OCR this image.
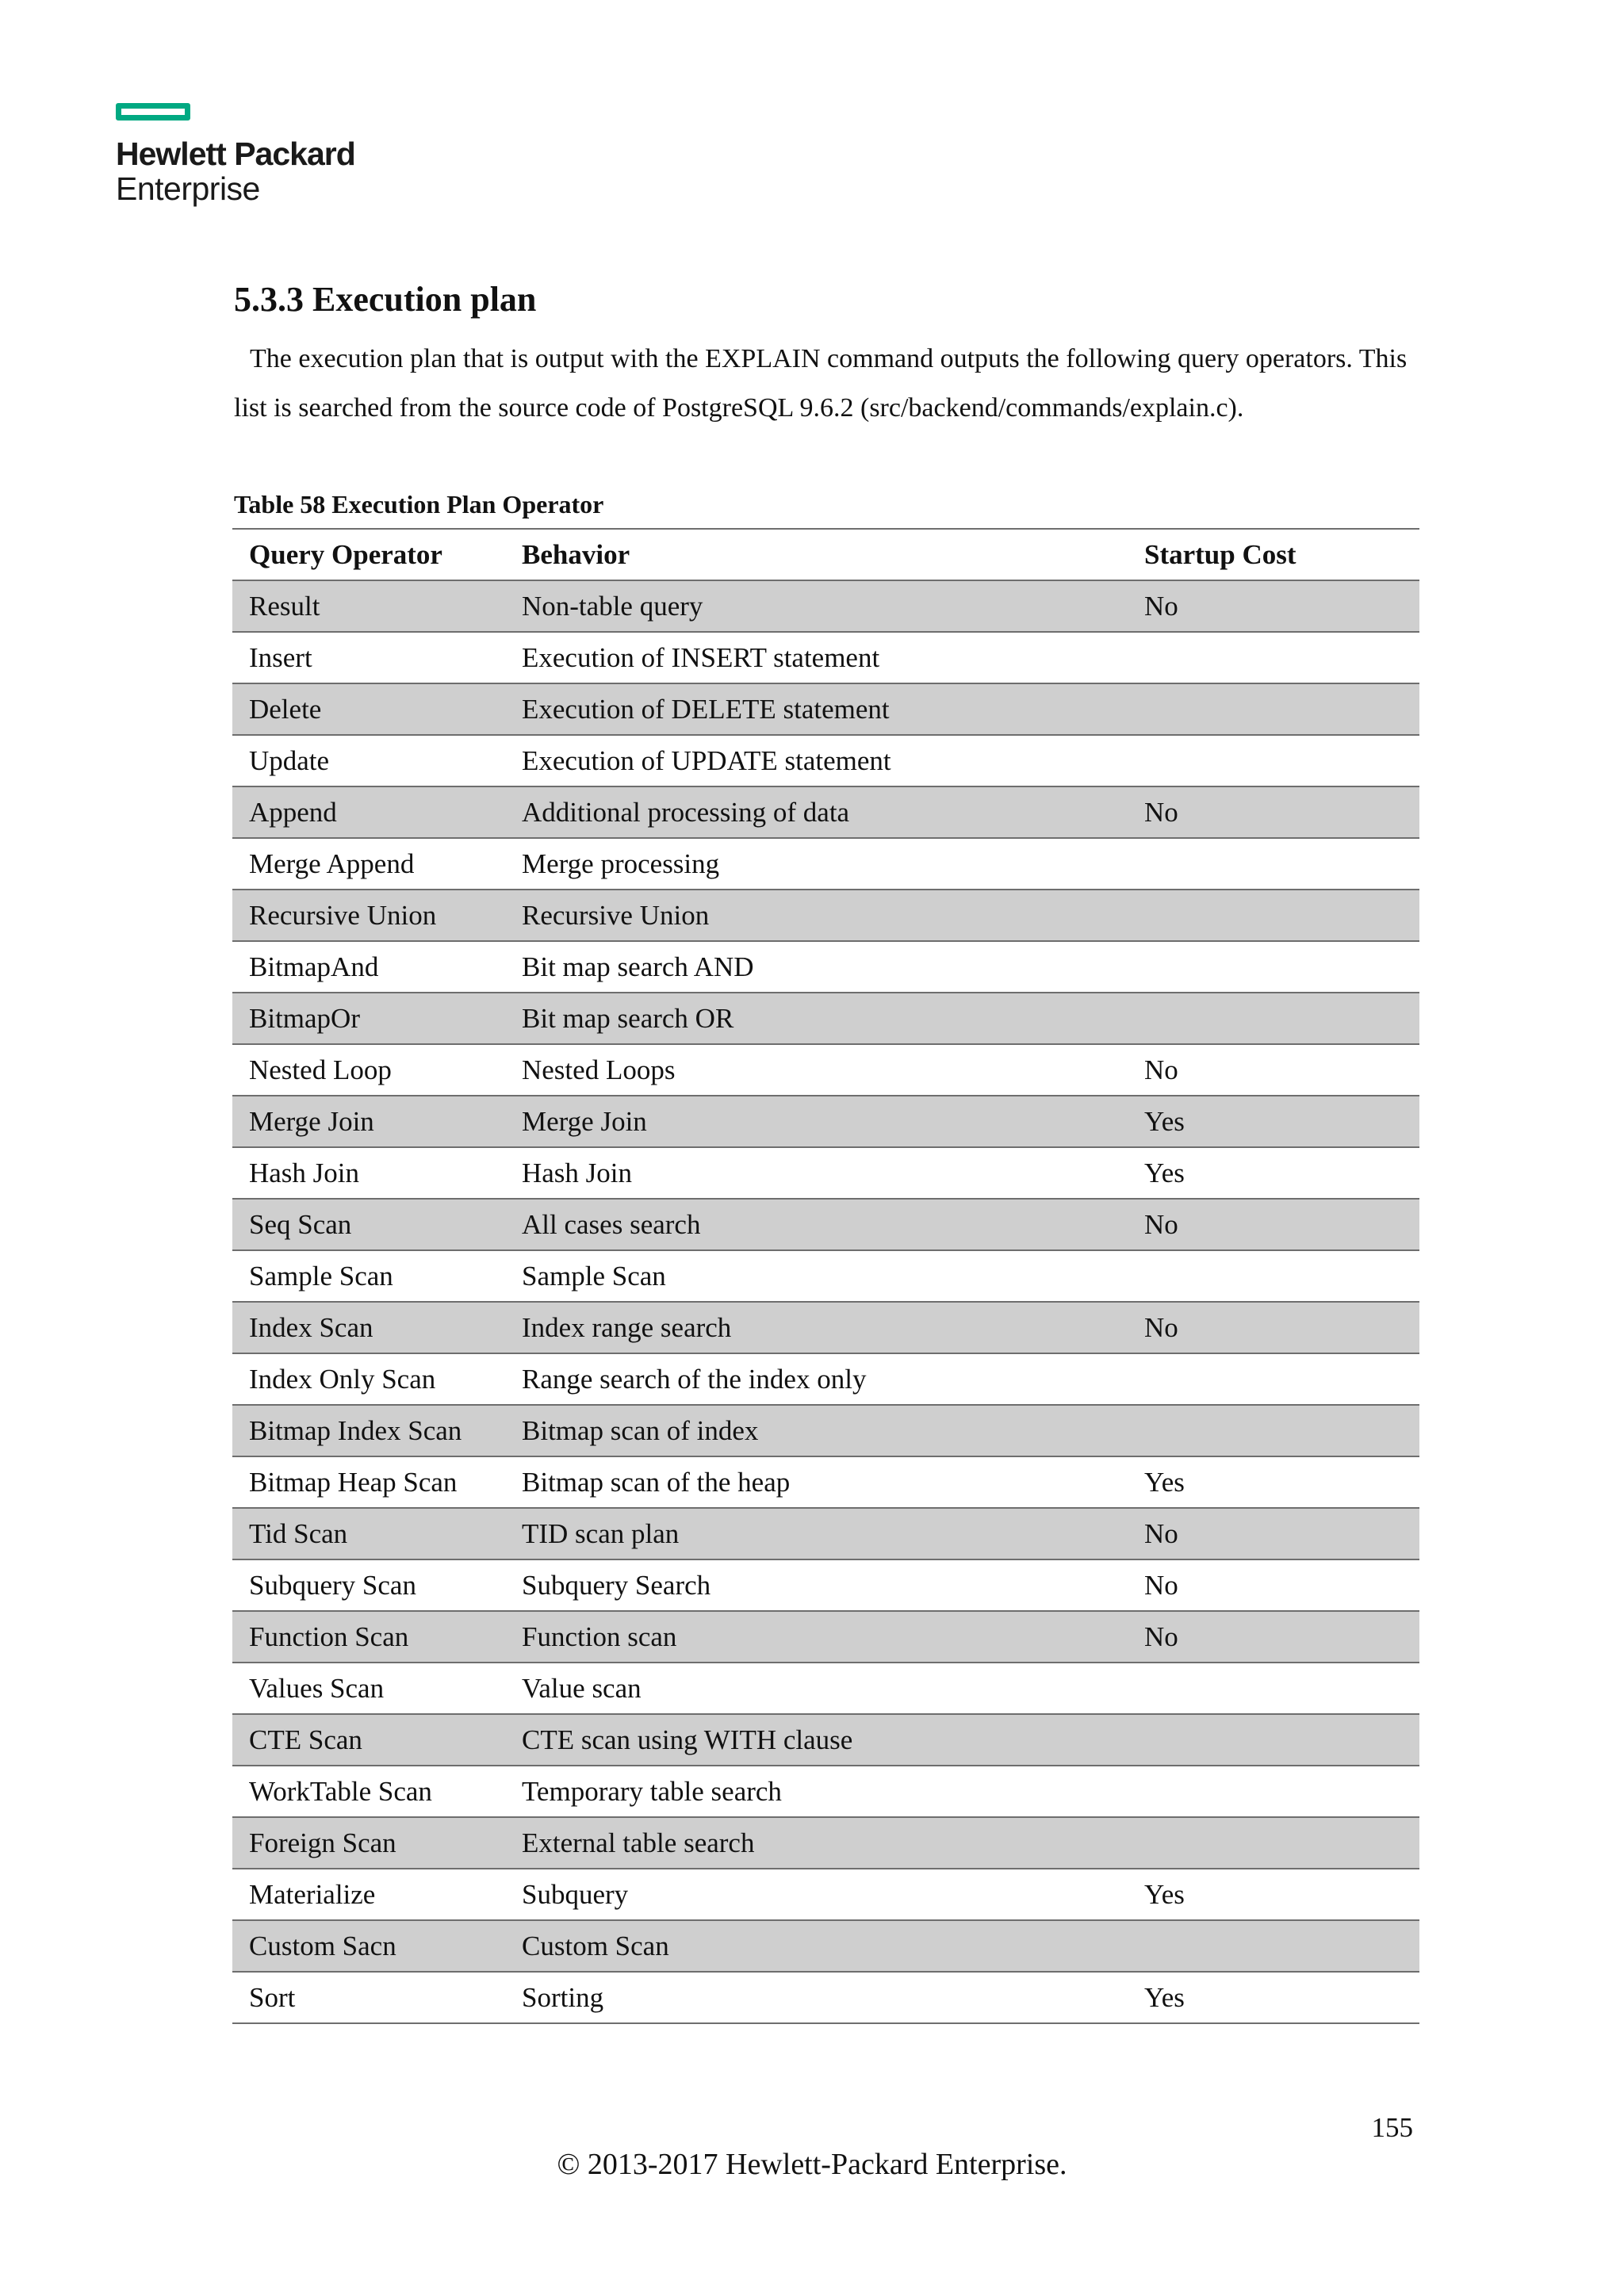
Hewlett Packard
Enterprise
5.3.3 Execution plan

The execution plan that is output with the EXPLAIN command outputs the following query operators. This list is searched from the source code of PostgreSQL 9.6.2 (src/backend/commands/explain.c).

Table 58 Execution Plan Operator

Query Operator	Behavior	Startup Cost
Result	Non-table query	No
Insert	Execution of INSERT statement	
Delete	Execution of DELETE statement	
Update	Execution of UPDATE statement	
Append	Additional processing of data	No
Merge Append	Merge processing	
Recursive Union	Recursive Union	
BitmapAnd	Bit map search AND	
BitmapOr	Bit map search OR	
Nested Loop	Nested Loops	No
Merge Join	Merge Join	Yes
Hash Join	Hash Join	Yes
Seq Scan	All cases search	No
Sample Scan	Sample Scan	
Index Scan	Index range search	No
Index Only Scan	Range search of the index only	
Bitmap Index Scan	Bitmap scan of index	
Bitmap Heap Scan	Bitmap scan of the heap	Yes
Tid Scan	TID scan plan	No
Subquery Scan	Subquery Search	No
Function Scan	Function scan	No
Values Scan	Value scan	
CTE Scan	CTE scan using WITH clause	
WorkTable Scan	Temporary table search	
Foreign Scan	External table search	
Materialize	Subquery	Yes
Custom Sacn	Custom Scan	
Sort	Sorting	Yes
155
© 2013-2017 Hewlett-Packard Enterprise.
